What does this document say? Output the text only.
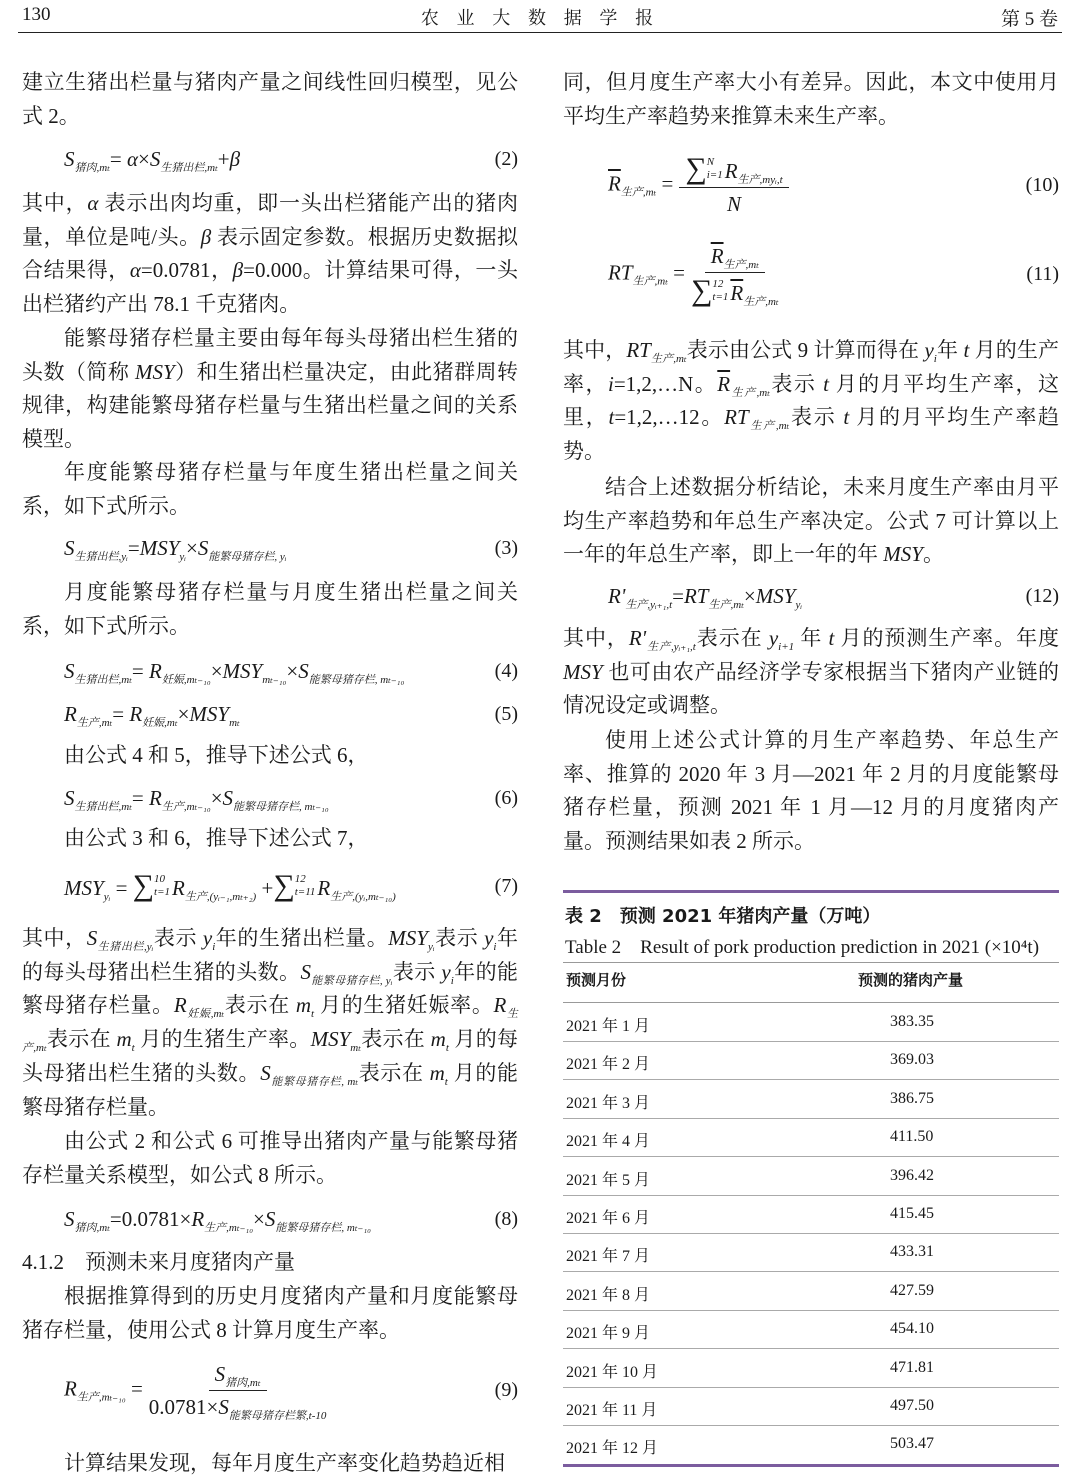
130	农 业 大 数 据 学 报	第 5 卷
建立生猪出栏量与猪肉产量之间线性回归模型，见公式 2。
$S_{猪肉,m_t}= \alpha\times S_{生猪出栏,m_t}+\beta$	(2)
其中，α 表示出肉均重，即一头出栏猪能产出的猪肉量，单位是吨/头。β 表示固定参数。根据历史数据拟合结果得，α=0.0781，β=0.000。计算结果可得，一头出栏猪约产出 78.1 千克猪肉。
能繁母猪存栏量主要由每年每头母猪出栏生猪的头数（简称 MSY）和生猪出栏量决定，由此猪群周转规律，构建能繁母猪存栏量与生猪出栏量之间的关系模型。
年度能繁母猪存栏量与年度生猪出栏量之间关系，如下式所示。
$S_{生猪出栏,yᵢ}=MSY_{yᵢ}\times S_{能繁母猪存栏, yᵢ}$	(3)
月度能繁母猪存栏量与月度生猪出栏量之间关系，如下式所示。
$S_{生猪出栏,m_t}= R_{妊娠,m_{t-10}}\times MSY_{m_{t-10}}\times S_{能繁母猪存栏, m_{t-10}}$	(4)
$R_{生产,m_t}= R_{妊娠,m_t}\times MSY_{m_t}$	(5)
由公式 4 和 5，推导下述公式 6，
$S_{生猪出栏,m_t}= R_{生产,m_{t-10}}\times S_{能繁母猪存栏, m_{t-10}}$	(6)
由公式 3 和 6，推导下述公式 7，
$MSY_{yᵢ}$ = ∑ 10
t=1 $R_{生产,(yᵢ_{-1},m_{t+2})}$ + ∑ 12
t=11 $R_{生产,(yᵢ,m_{t-10})}$
(7)
其中，$S_{生猪出栏,yᵢ}$表示 $y_i$年的生猪出栏量。$MSY_{yᵢ}$表示 $y_i$年的每头母猪出栏生猪的头数。$S_{能繁母猪存栏, yᵢ}$表示 $y_i$年的能繁母猪存栏量。$R_{妊娠,m_t}$表示在 $m_t$ 月的生猪妊娠率。$R_{生产,m_t}$表示在 $m_t$ 月的生猪生产率。$MSY_{m_t}$表示在 $m_t$ 月的每头母猪出栏生猪的头数。$S_{能繁母猪存栏, m_t}$表示在 $m_t$ 月的能繁母猪存栏量。
由公式 2 和公式 6 可推导出猪肉产量与能繁母猪存栏量关系模型，如公式 8 所示。
$S_{猪肉,m_t}=0.0781\times R_{生产,m_{t-10}}\times S_{能繁母猪存栏, m_{t-10}}$	(8)
4.1.2　预测未来月度猪肉产量
根据推算得到的历史月度猪肉产量和月度能繁母猪存栏量，使用公式 8 计算月度生产率。
$R_{生产,m_{t-10}} = \frac{S_{猪肉,m_t}}{0.0781\times S_{能繁母猪存栏繁,t-10}}$	(9)
计算结果发现，每年月度生产率变化趋势趋近相
同，但月度生产率大小有差异。因此，本文中使用月平均生产率趋势来推算未来生产率。
$\overline{R}_{生产,m_t}$ = ∑ N
i=1 $R_{生产,myᵢ,t}$
N	(10)
$RT_{生产,m_t} = \overline{R}_{生产,m_t}$
∑ 12
t=1 $\overline{R}_{生产,m_t}$	(11)
其中，$RT_{生产,m_t}$表示由公式 9 计算而得在 $y_i$年 t 月的生产率，i=1,2,…N。$\overline{R}_{生产,m_t}$表示 t 月的月平均生产率，这里，t=1,2,…12。$RT_{生产,m_t}$表示 t 月的月平均生产率趋势。
结合上述数据分析结论，未来月度生产率由月平均生产率趋势和年总生产率决定。公式 7 可计算以上一年的年总生产率，即上一年的年 MSY。
$R'_{生产,yᵢ_{+1},t}=RT_{生产,m_t}\times MSY_{yᵢ}$	(12)
其中，$R'_{生产,yᵢ_{+1},t}$表示在 $y_{i+1}$ 年 t 月的预测生产率。年度 MSY 也可由农产品经济学专家根据当下猪肉产业链的情况设定或调整。
使用上述公式计算的月生产率趋势、年总生产率、推算的 2020 年 3 月—2021 年 2 月的月度能繁母猪存栏量，预测 2021 年 1 月—12 月的月度猪肉产量。预测结果如表 2 所示。
表 2　预测 2021 年猪肉产量（万吨）
Table 2　Result of pork production prediction in 2021 (×10⁴t)
预测月份	预测的猪肉产量
2021 年 1 月	383.35
2021 年 2 月	369.03
2021 年 3 月	386.75
2021 年 4 月	411.50
2021 年 5 月	396.42
2021 年 6 月	415.45
2021 年 7 月	433.31
2021 年 8 月	427.59
2021 年 9 月	454.10
2021 年 10 月	471.81
2021 年 11 月	497.50
2021 年 12 月	503.47
